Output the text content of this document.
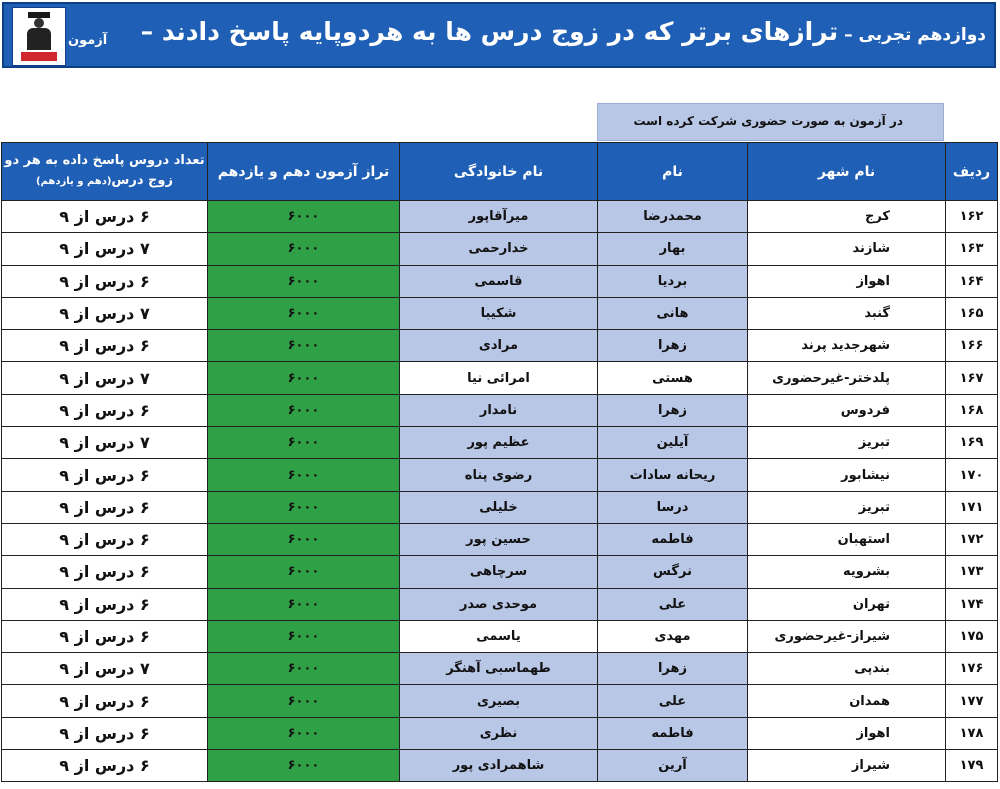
دوازدهم تجربی – ترازهای برتر که در زوج درس ها به هردوپایه پاسخ دادند –
آزمون
در آزمون به صورت حضوری شرکت کرده است
تعداد دروس پاسخ داده به هر دو
زوج درس(دهم و یازدهم)	تراز آزمون دهم و یازدهم	نام خانوادگی	نام	نام شهر	ردیف
۶ درس از ۹	۶۰۰۰	میرآقاپور	محمدرضا	کرج	۱۶۲
۷ درس از ۹	۶۰۰۰	خدارحمی	بهار	شازند	۱۶۳
۶ درس از ۹	۶۰۰۰	قاسمی	بردیا	اهواز	۱۶۴
۷ درس از ۹	۶۰۰۰	شکیبا	هانی	گنبد	۱۶۵
۶ درس از ۹	۶۰۰۰	مرادی	زهرا	شهرجدید پرند	۱۶۶
۷ درس از ۹	۶۰۰۰	امرائی نیا	هستی	پلدختر-غیرحضوری	۱۶۷
۶ درس از ۹	۶۰۰۰	نامدار	زهرا	فردوس	۱۶۸
۷ درس از ۹	۶۰۰۰	عظیم پور	آیلین	تبریز	۱۶۹
۶ درس از ۹	۶۰۰۰	رضوی پناه	ریحانه سادات	نیشابور	۱۷۰
۶ درس از ۹	۶۰۰۰	خلیلی	درسا	تبریز	۱۷۱
۶ درس از ۹	۶۰۰۰	حسین پور	فاطمه	استهبان	۱۷۲
۶ درس از ۹	۶۰۰۰	سرچاهی	نرگس	بشرویه	۱۷۳
۶ درس از ۹	۶۰۰۰	موحدی صدر	علی	تهران	۱۷۴
۶ درس از ۹	۶۰۰۰	یاسمی	مهدی	شیراز-غیرحضوری	۱۷۵
۷ درس از ۹	۶۰۰۰	طهماسبی آهنگر	زهرا	بندپی	۱۷۶
۶ درس از ۹	۶۰۰۰	بصیری	علی	همدان	۱۷۷
۶ درس از ۹	۶۰۰۰	نظری	فاطمه	اهواز	۱۷۸
۶ درس از ۹	۶۰۰۰	شاهمرادی پور	آرین	شیراز	۱۷۹
